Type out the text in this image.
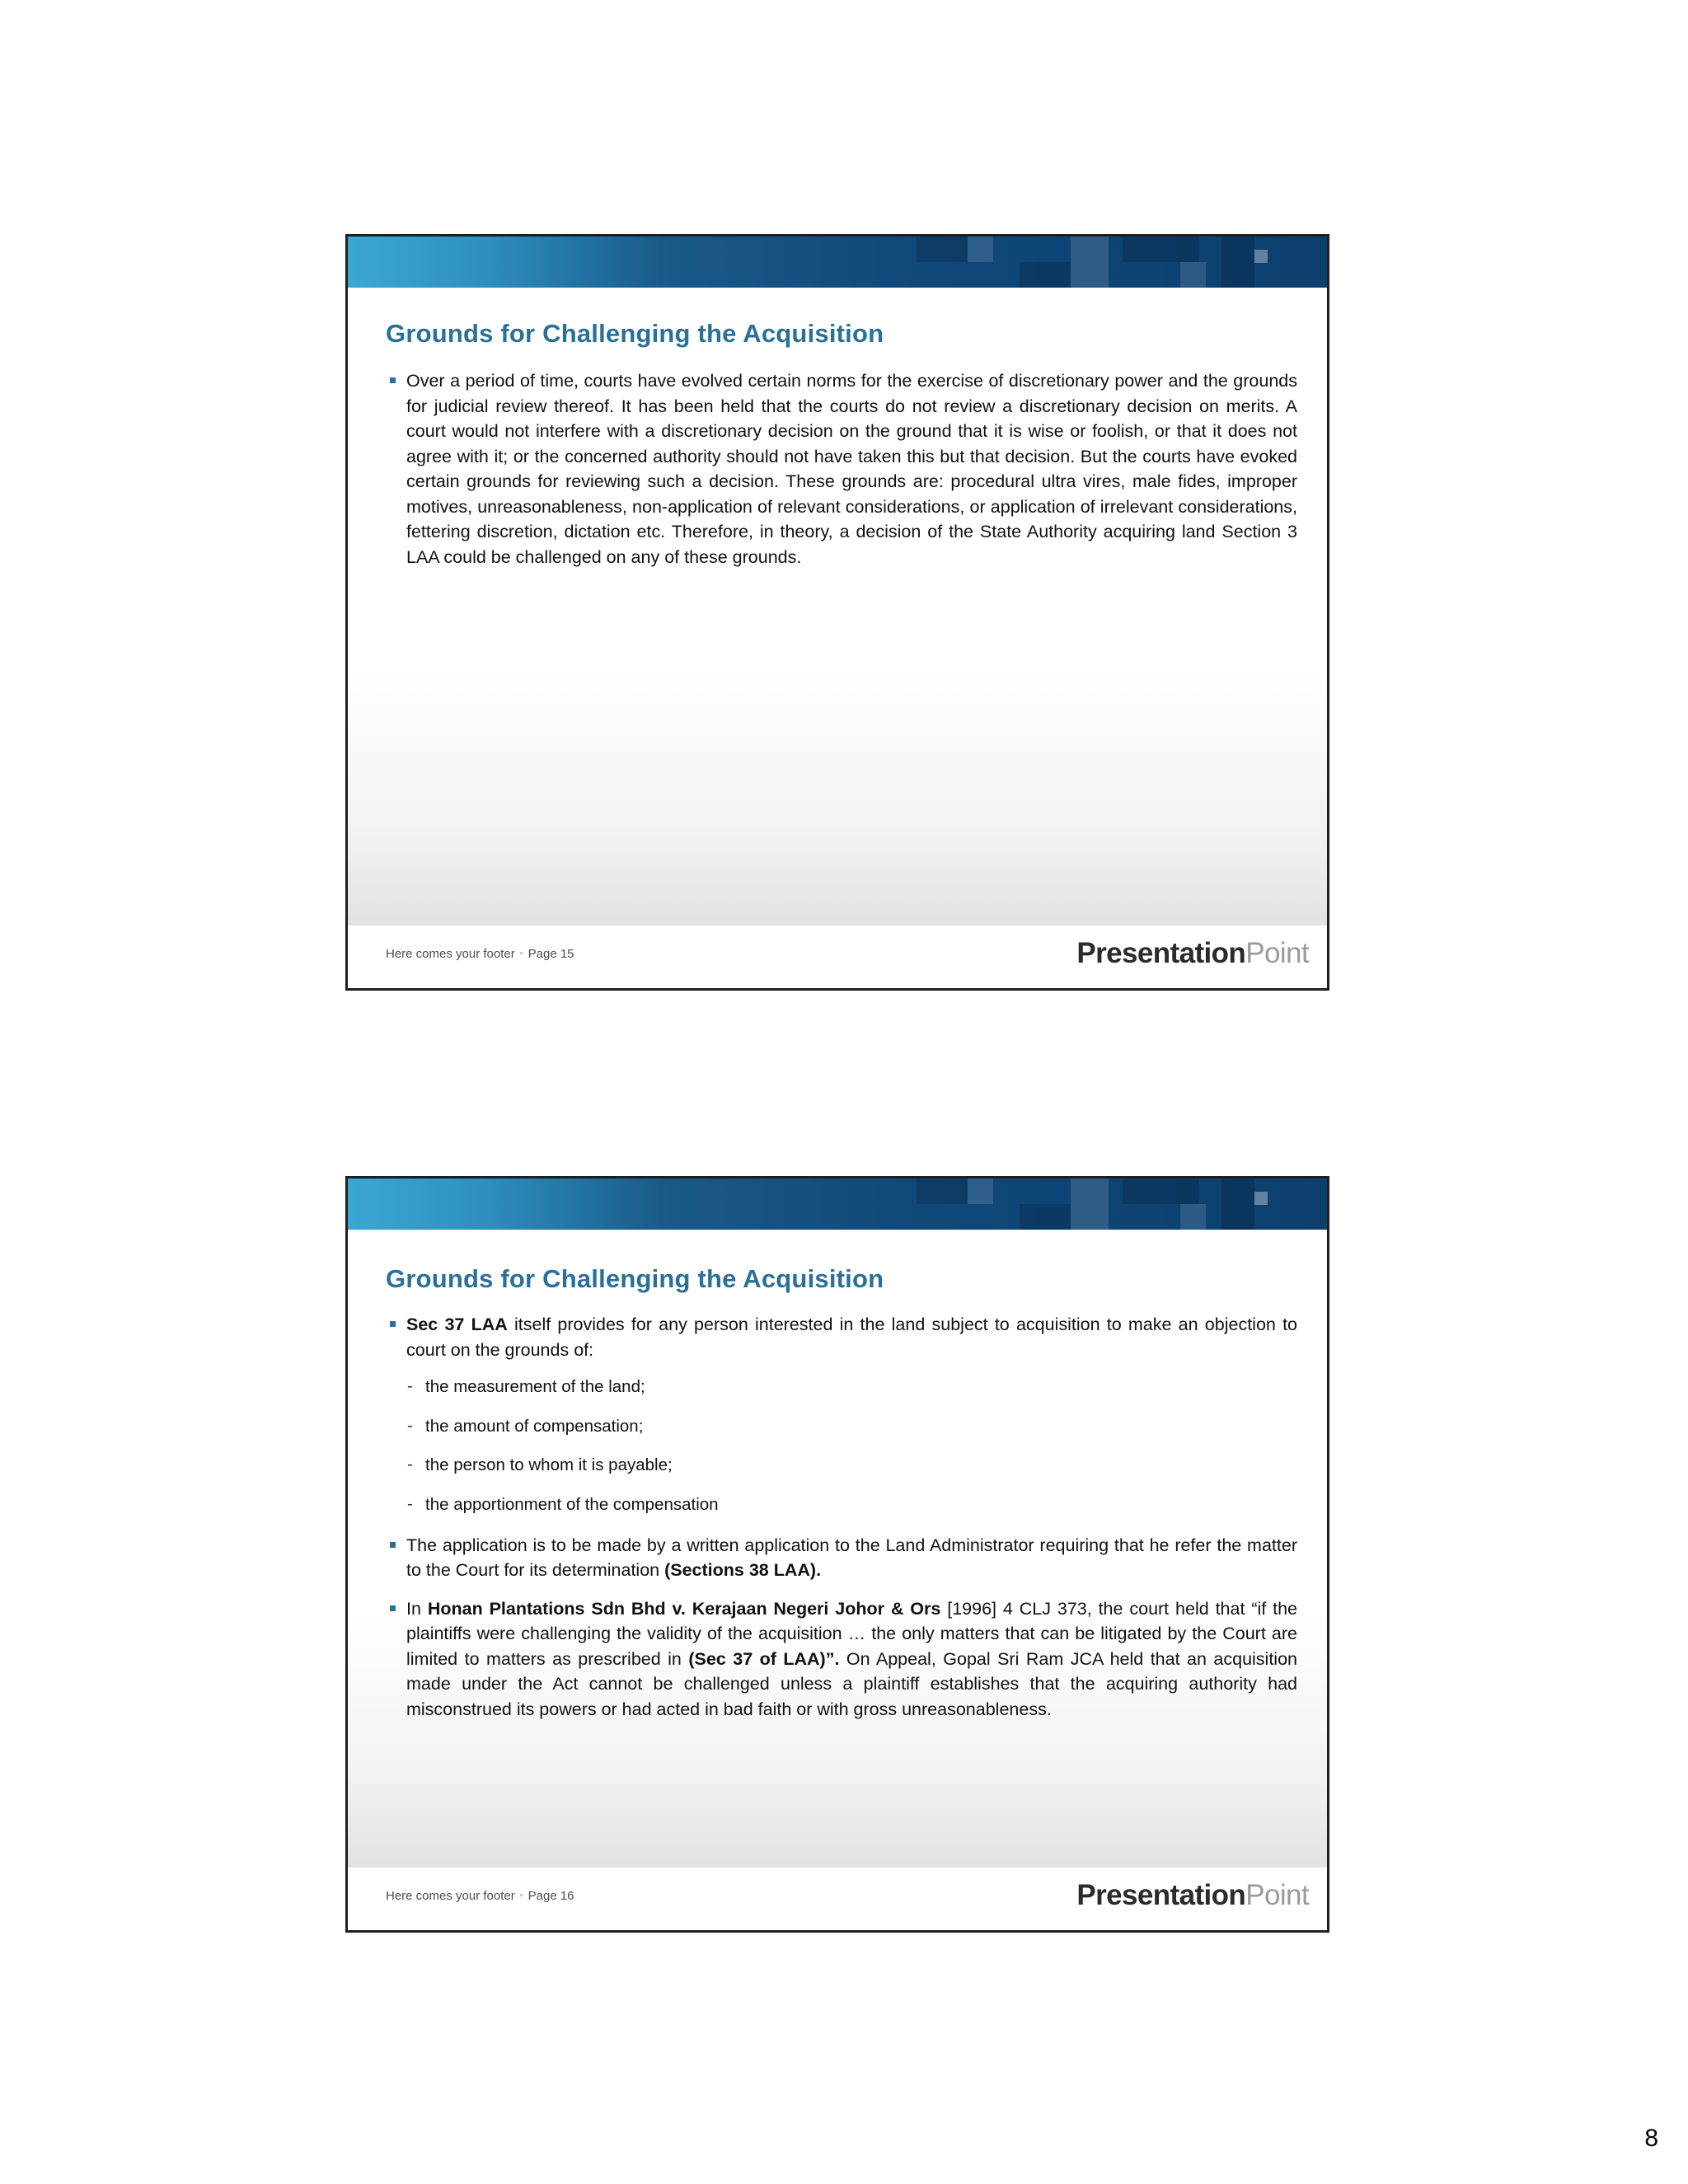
Grounds for Challenging the Acquisition
Over a period of time, courts have evolved certain norms for the exercise of discretionary power and the grounds for judicial review thereof. It has been held that the courts do not review a discretionary decision on merits. A court would not interfere with a discretionary decision on the ground that it is wise or foolish, or that it does not agree with it; or the concerned authority should not have taken this but that decision. But the courts have evoked certain grounds for reviewing such a decision. These grounds are: procedural ultra vires, male fides, improper motives, unreasonableness, non-application of relevant considerations, or application of irrelevant considerations, fettering discretion, dictation etc. Therefore, in theory, a decision of the State Authority acquiring land Section 3 LAA could be challenged on any of these grounds.
Here comes your footer ▫ Page 15	PresentationPoint
Grounds for Challenging the Acquisition
Sec 37 LAA itself provides for any person interested in the land subject to acquisition to make an objection to court on the grounds of:
- the measurement of the land;
- the amount of compensation;
- the person to whom it is payable;
- the apportionment of the compensation
The application is to be made by a written application to the Land Administrator requiring that he refer the matter to the Court for its determination (Sections 38 LAA).
In Honan Plantations Sdn Bhd v. Kerajaan Negeri Johor & Ors [1996] 4 CLJ 373, the court held that “if the plaintiffs were challenging the validity of the acquisition … the only matters that can be litigated by the Court are limited to matters as prescribed in (Sec 37 of LAA)”. On Appeal, Gopal Sri Ram JCA held that an acquisition made under the Act cannot be challenged unless a plaintiff establishes that the acquiring authority had misconstrued its powers or had acted in bad faith or with gross unreasonableness.
Here comes your footer ▫ Page 16	PresentationPoint
8
